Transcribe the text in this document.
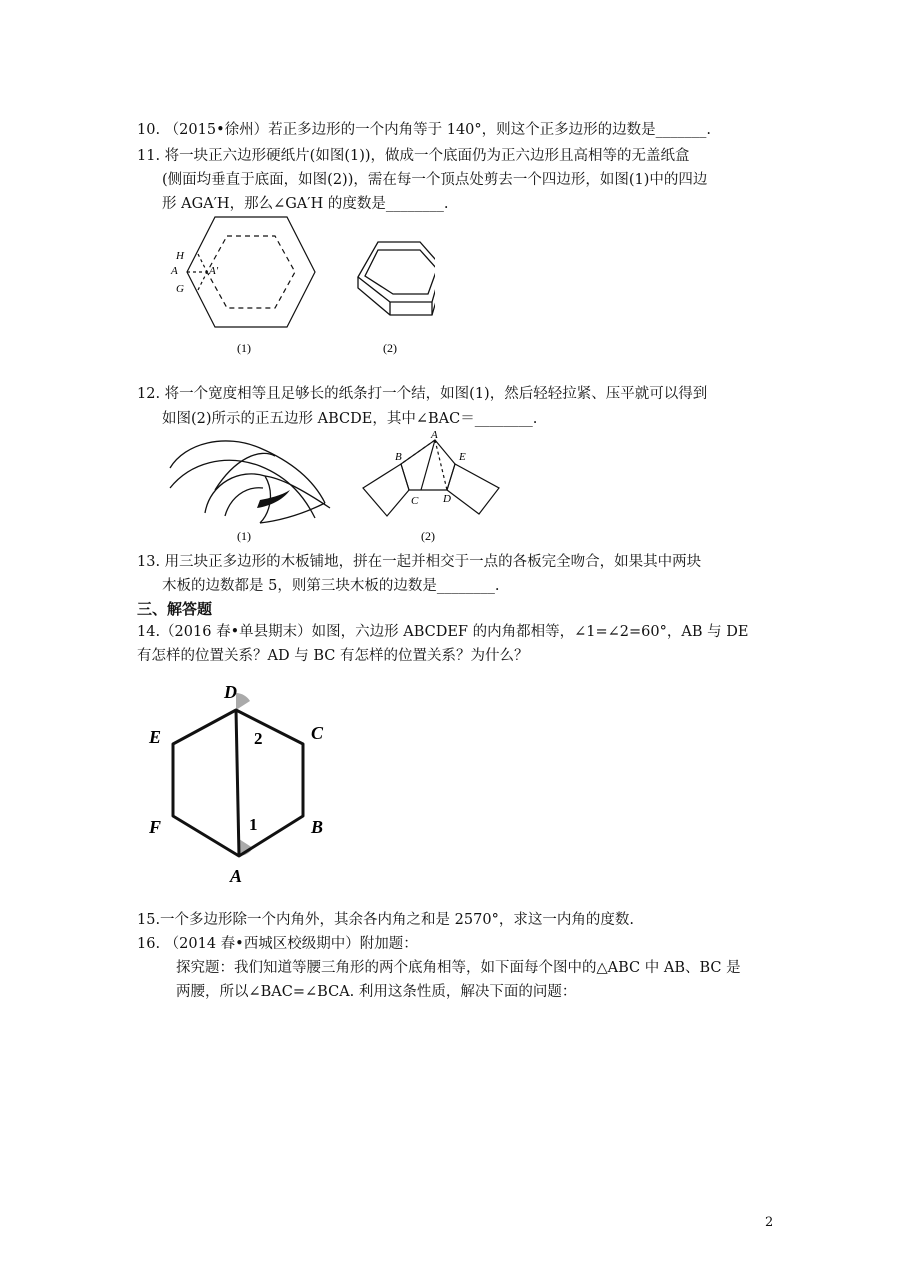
10. （2015•徐州）若正多边形的一个内角等于 140°，则这个正多边形的边数是_______.
11. 将一块正六边形硬纸片(如图(1))，做成一个底面仍为正六边形且高相等的无盖纸盒
(侧面均垂直于底面，如图(2))，需在每一个顶点处剪去一个四边形，如图(1)中的四边
形 AGA′H，那么∠GA′H 的度数是________.
H
A	A′
G
(1)	(2)
12. 将一个宽度相等且足够长的纸条打一个结，如图(1)，然后轻轻拉紧、压平就可以得到
如图(2)所示的正五边形 ABCDE，其中∠BAC＝________.
A
B
C D
E
(1)	(2)
13. 用三块正多边形的木板铺地，拼在一起并相交于一点的各板完全吻合，如果其中两块
木板的边数都是 5，则第三块木板的边数是________.
三、解答题
14.（2016 春•单县期末）如图，六边形 ABCDEF 的内角都相等，∠1=∠2=60°，AB 与 DE
有怎样的位置关系？AD 与 BC 有怎样的位置关系？为什么？
D
C
E
F	B
A
2
1
15.一个多边形除一个内角外，其余各内角之和是 2570°，求这一内角的度数.
16. （2014 春•西城区校级期中）附加题：
探究题：我们知道等腰三角形的两个底角相等，如下面每个图中的△ABC 中 AB、BC 是
两腰，所以∠BAC=∠BCA. 利用这条性质，解决下面的问题：
2
